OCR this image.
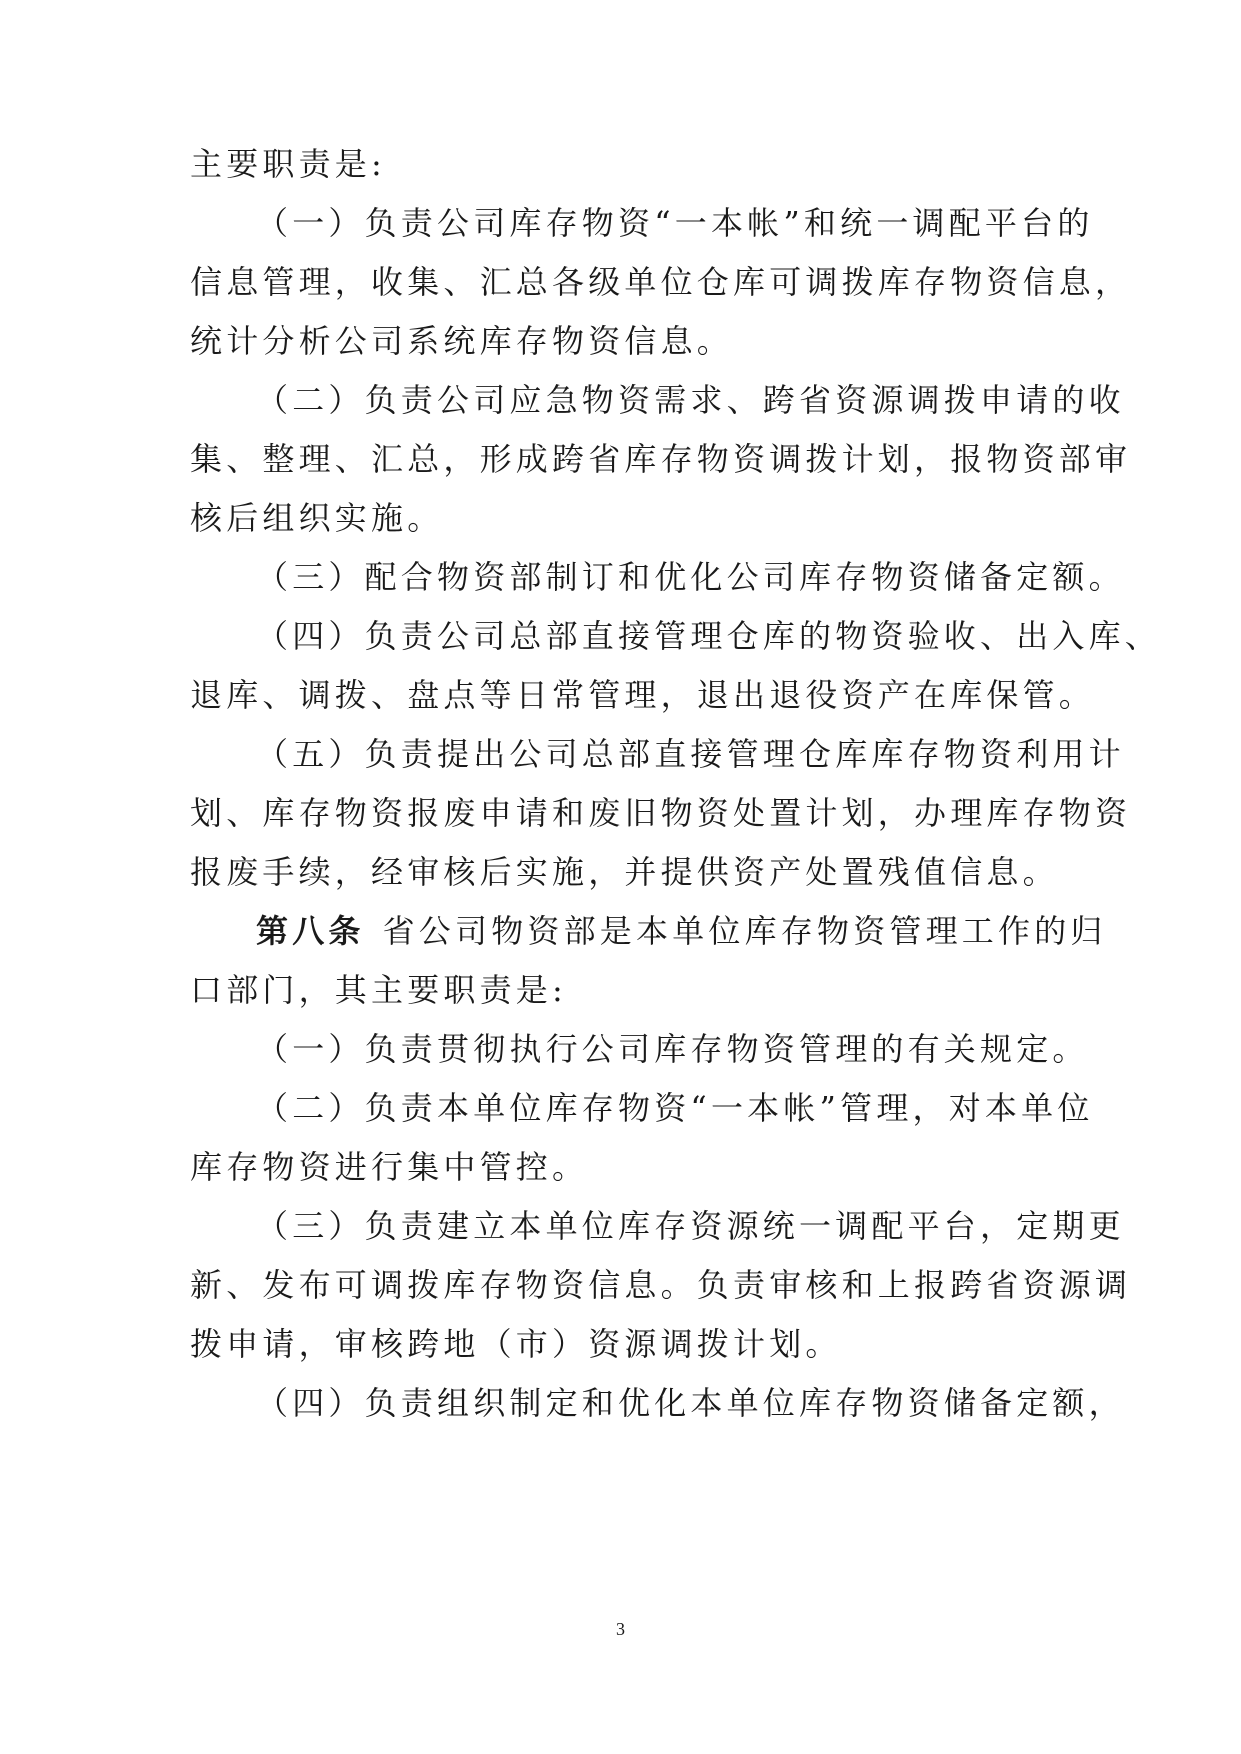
主要职责是:
（一）负责公司库存物资“一本帐”和统一调配平台的
信息管理，收集、汇总各级单位仓库可调拨库存物资信息，
统计分析公司系统库存物资信息。
（二）负责公司应急物资需求、跨省资源调拨申请的收
集、整理、汇总，形成跨省库存物资调拨计划，报物资部审
核后组织实施。
（三）配合物资部制订和优化公司库存物资储备定额。
（四）负责公司总部直接管理仓库的物资验收、出入库、
退库、调拨、盘点等日常管理，退出退役资产在库保管。
（五）负责提出公司总部直接管理仓库库存物资利用计
划、库存物资报废申请和废旧物资处置计划，办理库存物资
报废手续，经审核后实施，并提供资产处置残值信息。
第八条 省公司物资部是本单位库存物资管理工作的归
口部门，其主要职责是:
（一）负责贯彻执行公司库存物资管理的有关规定。
（二）负责本单位库存物资“一本帐”管理，对本单位
库存物资进行集中管控。
（三）负责建立本单位库存资源统一调配平台，定期更
新、发布可调拨库存物资信息。负责审核和上报跨省资源调
拨申请，审核跨地（市）资源调拨计划。
（四）负责组织制定和优化本单位库存物资储备定额，
3
